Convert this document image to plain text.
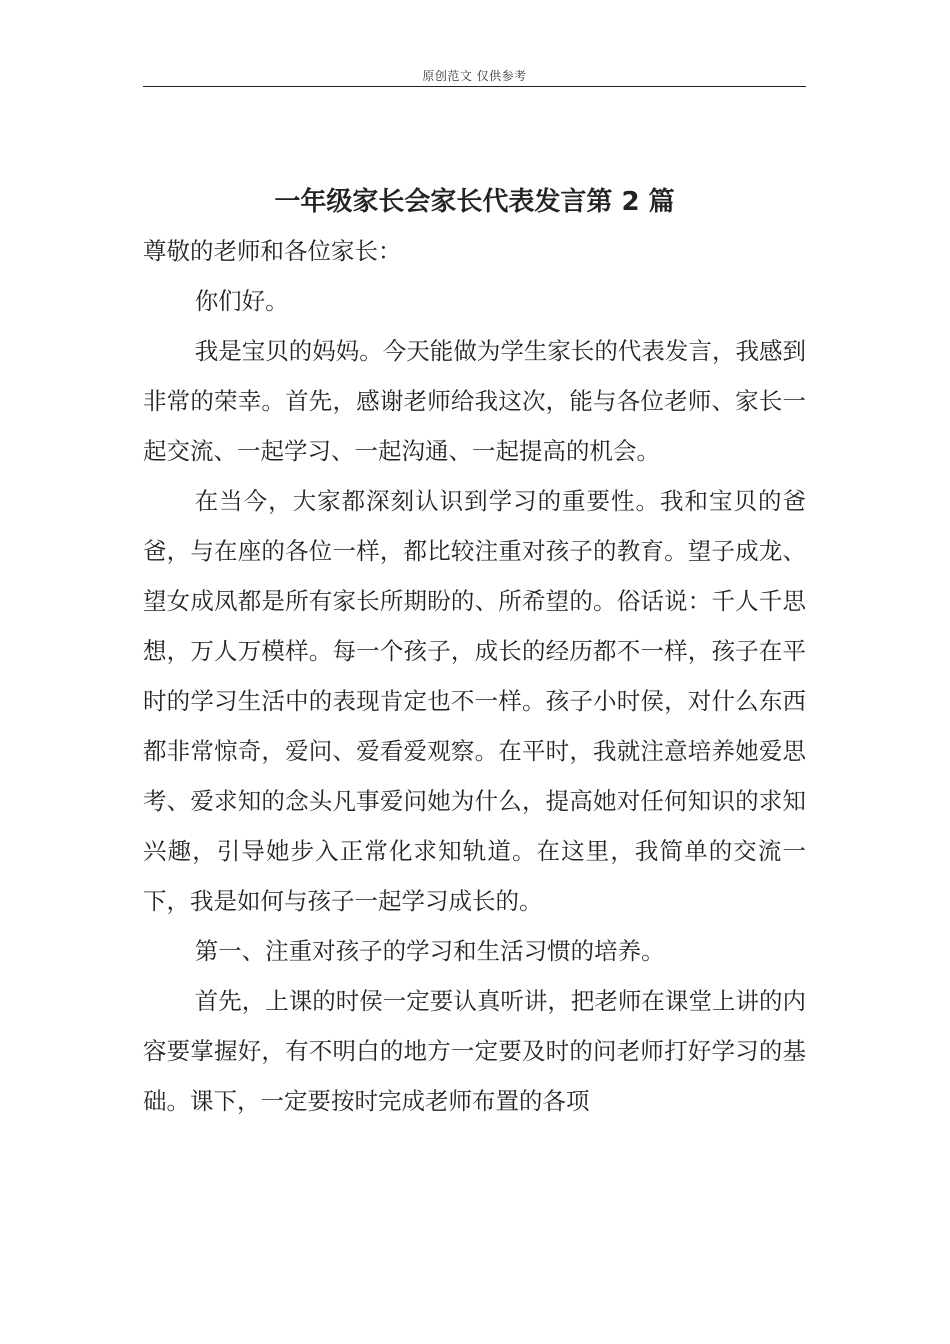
原创范文 仅供参考
一年级家长会家长代表发言第 2 篇

尊敬的老师和各位家长：

你们好。

我是宝贝的妈妈。今天能做为学生家长的代表发言，我感到非常的荣幸。首先，感谢老师给我这次，能与各位老师、家长一起交流、一起学习、一起沟通、一起提高的机会。

在当今，大家都深刻认识到学习的重要性。我和宝贝的爸爸，与在座的各位一样，都比较注重对孩子的教育。望子成龙、望女成凤都是所有家长所期盼的、所希望的。俗话说：千人千思想，万人万模样。每一个孩子，成长的经历都不一样，孩子在平时的学习生活中的表现肯定也不一样。孩子小时侯，对什么东西都非常惊奇，爱问、爱看爱观察。在平时，我就注意培养她爱思考、爱求知的念头凡事爱问她为什么，提高她对任何知识的求知兴趣，引导她步入正常化求知轨道。在这里，我简单的交流一下，我是如何与孩子一起学习成长的。

第一、注重对孩子的学习和生活习惯的培养。

首先，上课的时侯一定要认真听讲，把老师在课堂上讲的内容要掌握好，有不明白的地方一定要及时的问老师打好学习的基础。课下，一定要按时完成老师布置的各项
